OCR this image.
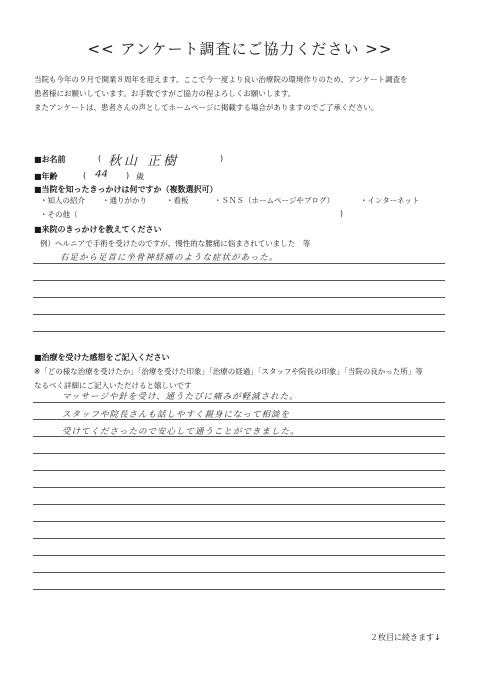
<< アンケート調査にご協力ください >>
当院も今年の９月で開業８周年を迎えます。ここで今一度より良い治療院の環境作りのため、アンケート調査を
患者様にお願いしています。お手数ですがご協力の程よろしくお願いします。
またアンケートは、患者さんの声としてホームページに掲載する場合がありますのでご了承ください。
■お名前	( 秋山 正樹	)
■年齢	( 44 ) 歳
■当院を知ったきっかけは何ですか（複数選択可）
・知人の紹介 ・通りがかり	・看板	・ＳＮＳ（ホームページやブログ）	・インターネット
・その他（	)
■来院のきっかけを教えてください
例）ヘルニアで手術を受けたのですが、慢性的な腰痛に悩まされていました　等
右足から足首に坐骨神経痛のような症状があった。
■治療を受けた感想をご記入ください
※「どの様な治療を受けたか」「治療を受けた印象」「治療の経過」「スタッフや院長の印象」「当院の良かった所」等
なるべく詳細にご記入いただけると嬉しいです
マッサージや針を受け、通うたびに痛みが軽減された。
スタッフや院長さんも話しやすく親身になって相談を
受けてくださったので安心して通うことができました。
２枚目に続きます↓
